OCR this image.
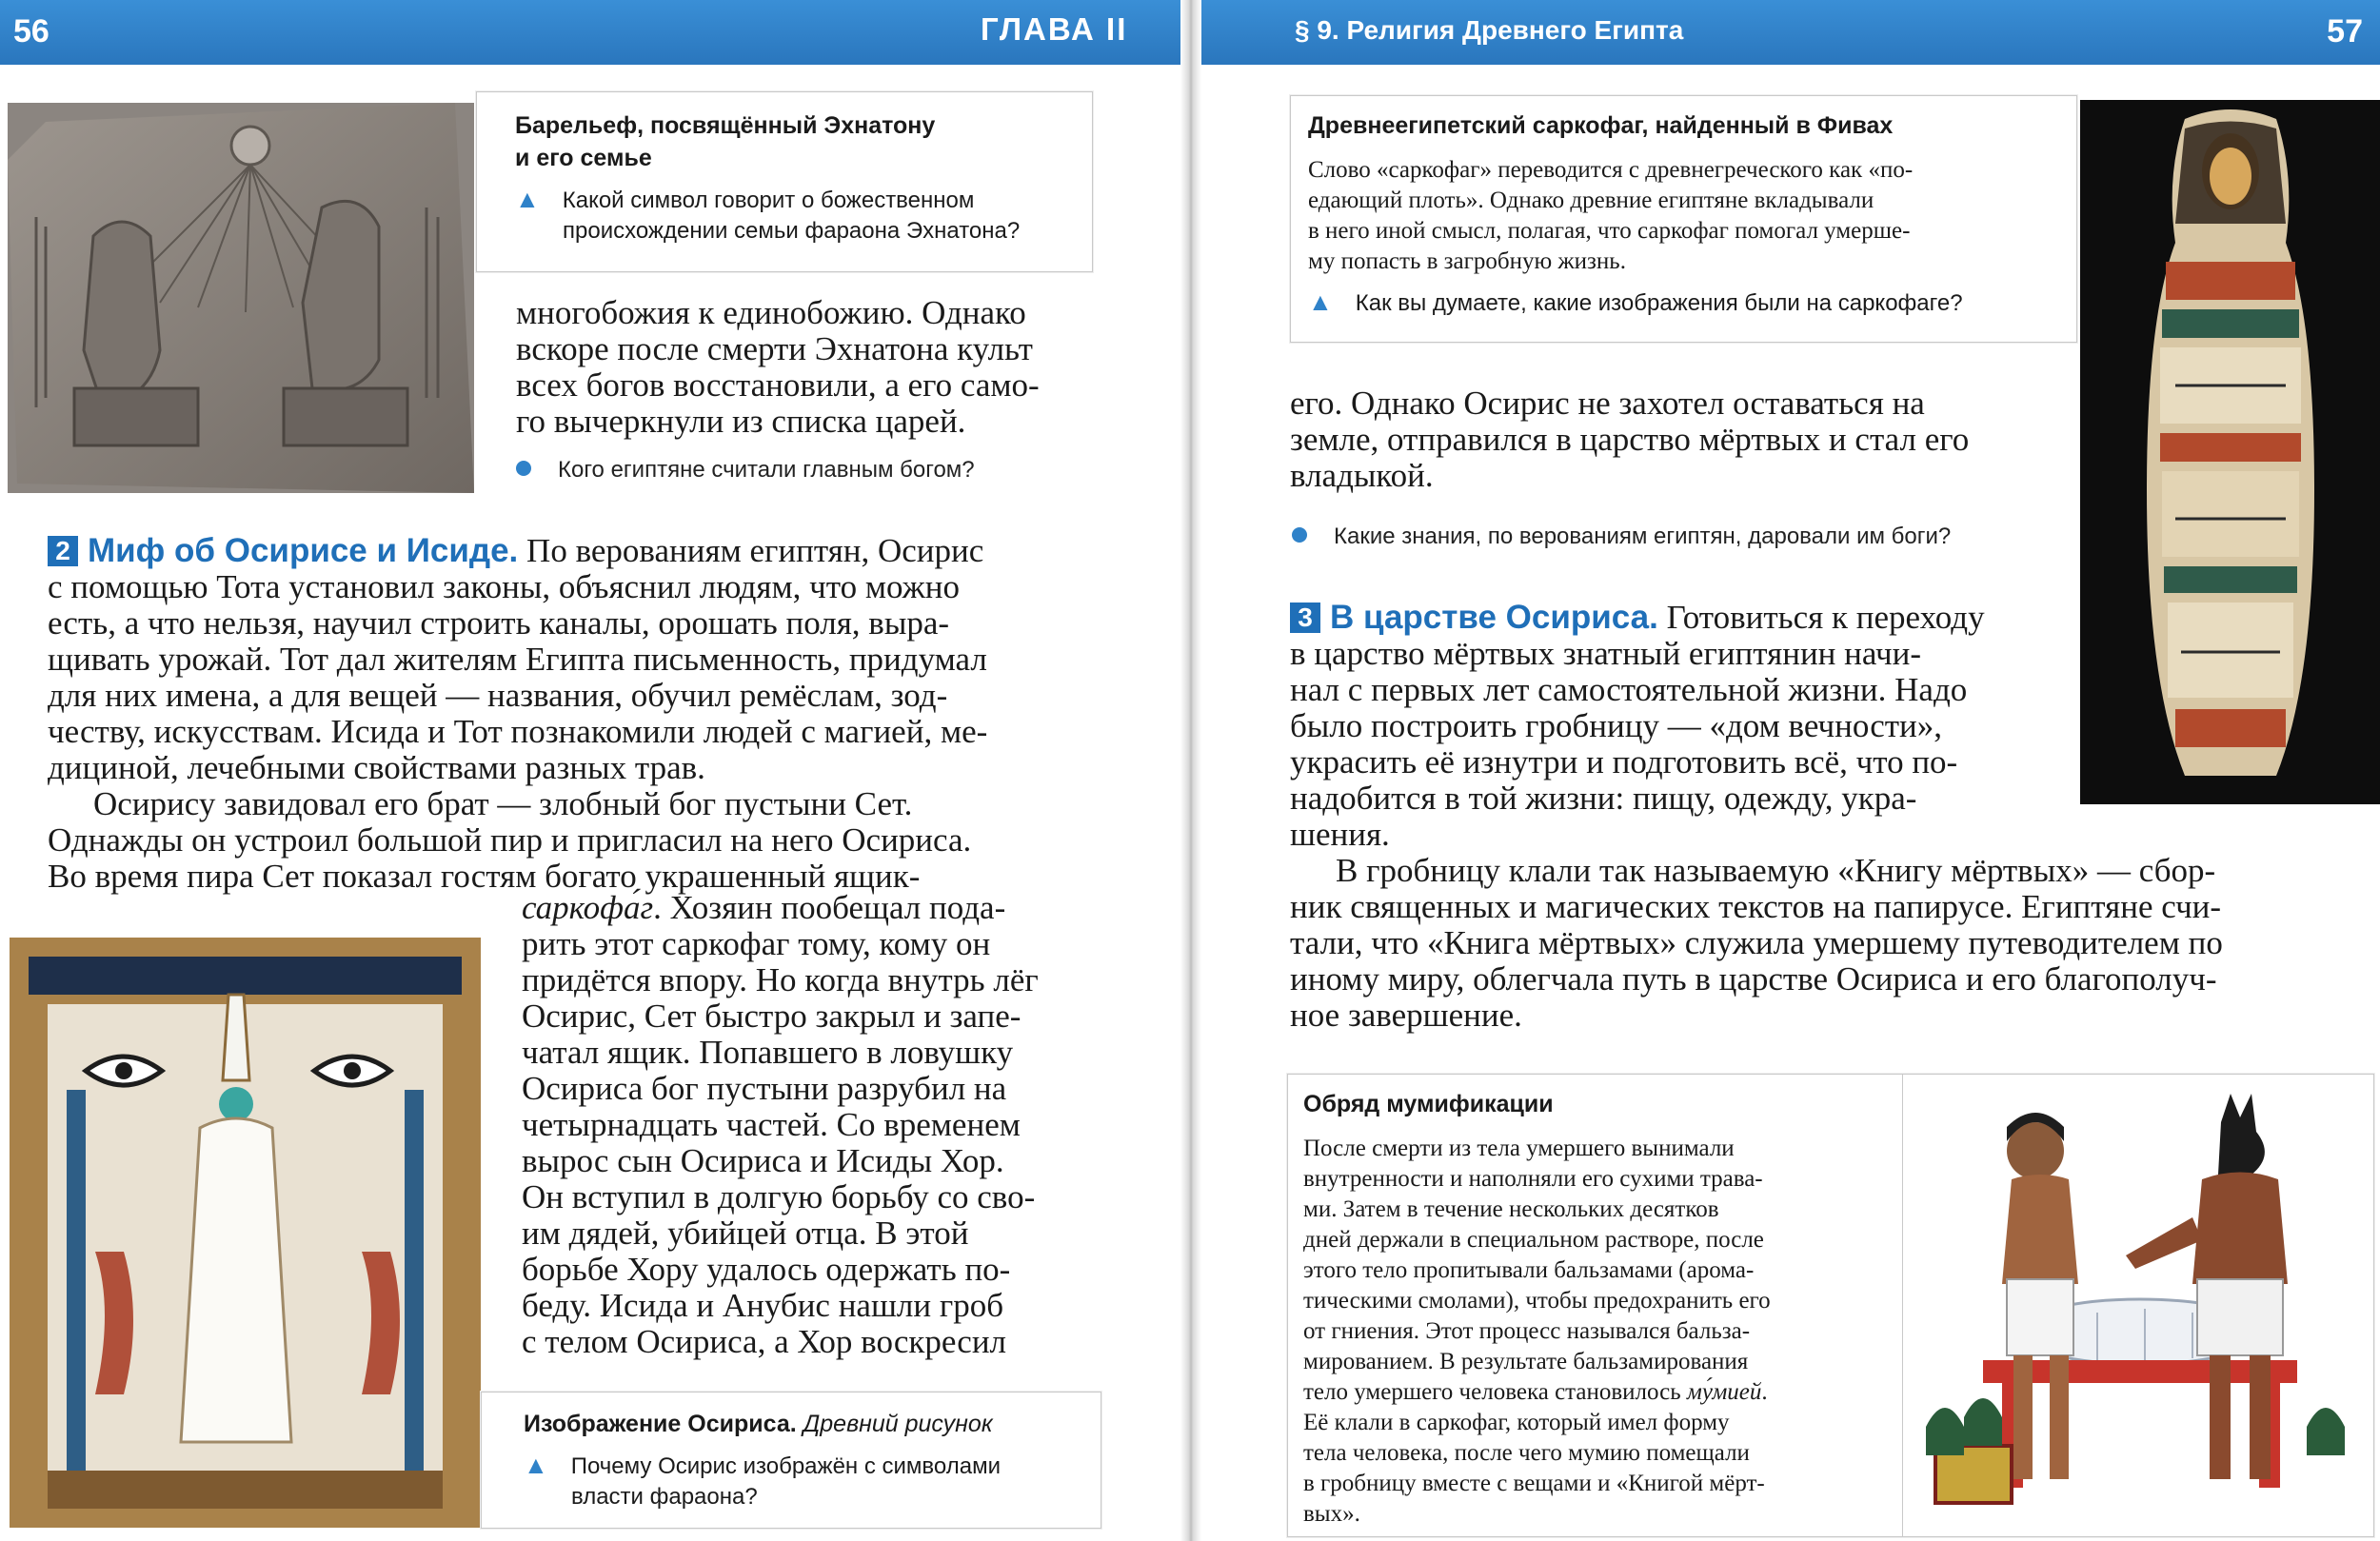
56	ГЛАВА II	§ 9. Религия Древнего Египта	57
Барельеф, посвящённый Эхнатону
и его семье
▲ Какой символ говорит о божественном
происхождении семьи фараона Эхнатона?

многобожия к единобожию. Однако

вскоре после смерти Эхнатона культ

всех богов восстановили, а его само-

го вычеркнули из списка царей.

Кого египтяне считали главным богом?

2 Миф об Осирисе и Исиде. По верованиям египтян, Осирис

с помощью Тота установил законы, объяснил людям, что можно

есть, а что нельзя, научил строить каналы, орошать поля, выра-

щивать урожай. Тот дал жителям Египта письменность, придумал

для них имена, а для вещей — названия, обучил ремёслам, зод-

честву, искусствам. Исида и Тот познакомили людей с магией, ме-

дициной, лечебными свойствами разных трав.

Осирису завидовал его брат — злобный бог пустыни Сет.

Однажды он устроил большой пир и пригласил на него Осириса.

Во время пира Сет показал гостям богато украшенный ящик-

саркофа́г. Хозяин пообещал пода-

рить этот саркофаг тому, кому он

придётся впору. Но когда внутрь лёг

Осирис, Сет быстро закрыл и запе-

чатал ящик. Попавшего в ловушку

Осириса бог пустыни разрубил на

четырнадцать частей. Со временем

вырос сын Осириса и Исиды Хор.

Он вступил в долгую борьбу со сво-

им дядей, убийцей отца. В этой

борьбе Хору удалось одержать по-

беду. Исида и Анубис нашли гроб

с телом Осириса, а Хор воскресил

Изображение Осириса. Древний рисунок
▲ Почему Осирис изображён с символами
власти фараона?
Древнеегипетский саркофаг, найденный в Фивах
Слово «саркофаг» переводится с древнегреческого как «по-
едающий плоть». Однако древние египтяне вкладывали
в него иной смысл, полагая, что саркофаг помогал умерше-
му попасть в загробную жизнь.
▲ Как вы думаете, какие изображения были на саркофаге?

его. Однако Осирис не захотел оставаться на

земле, отправился в царство мёртвых и стал его

владыкой.

Какие знания, по верованиям египтян, даровали им боги?

3 В царстве Осириса. Готовиться к переходу

в царство мёртвых знатный египтянин начи-

нал с первых лет самостоятельной жизни. Надо

было построить гробницу — «дом вечности»,

украсить её изнутри и подготовить всё, что по-

надобится в той жизни: пищу, одежду, укра-

шения.

В гробницу клали так называемую «Книгу мёртвых» — сбор-

ник священных и магических текстов на папирусе. Египтяне счи-

тали, что «Книга мёртвых» служила умершему путеводителем по

иному миру, облегчала путь в царстве Осириса и его благополуч-

ное завершение.

Обряд мумификации
После смерти из тела умершего вынимали
внутренности и наполняли его сухими трава-
ми. Затем в течение нескольких десятков
дней держали в специальном растворе, после
этого тело пропитывали бальзамами (арома-
тическими смолами), чтобы предохранить его
от гниения. Этот процесс назывался бальза-
мированием. В результате бальзамирования
тело умершего человека становилось му́мией.
Её клали в саркофаг, который имел форму
тела человека, после чего мумию помещали
в гробницу вместе с вещами и «Книгой мёрт-
вых».
